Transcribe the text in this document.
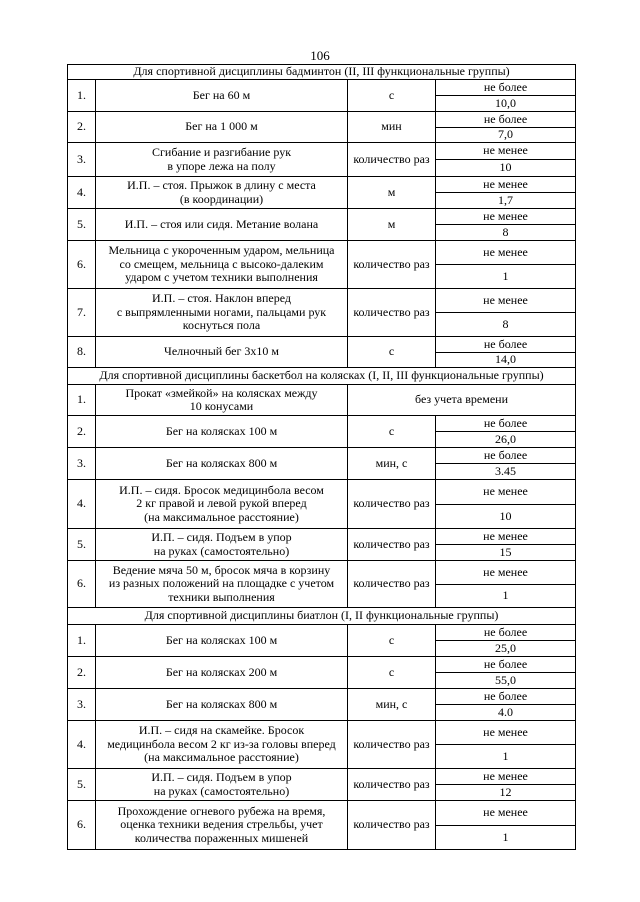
106
Для спортивной дисциплины бадминтон (II, III функциональные группы)			
1.	Бег на 60 м	с	не более
			10,0
2.	Бег на 1 000 м	мин	не более
			7,0
3.	Сгибание и разгибание рук
в упоре лежа на полу	количество раз	не менее
			10
4.	И.П. – стоя. Прыжок в длину с места
(в координации)	м	не менее
			1,7
5.	И.П. – стоя или сидя. Метание волана	м	не менее
			8
6.	Мельница с укороченным ударом, мельница
со смещем, мельница с высоко-далеким
ударом с учетом техники выполнения	количество раз	не менее
			1
7.	И.П. – стоя. Наклон вперед
с выпрямленными ногами, пальцами рук
коснуться пола	количество раз	не менее
			8
8.	Челночный бег 3x10 м	с	не более
			14,0
Для спортивной дисциплины баскетбол на колясках (I, II, III функциональные группы)			
1.	Прокат «змейкой» на колясках между
10 конусами	без учета времени	
2.	Бег на колясках 100 м	с	не более
			26,0
3.	Бег на колясках 800 м	мин, с	не более
			3.45
4.	И.П. – сидя. Бросок медицинбола весом
2 кг правой и левой рукой вперед
(на максимальное расстояние)	количество раз	не менее
			10
5.	И.П. – сидя. Подъем в упор
на руках (самостоятельно)	количество раз	не менее
			15
6.	Ведение мяча 50 м, бросок мяча в корзину
из разных положений на площадке с учетом
техники выполнения	количество раз	не менее
			1
Для спортивной дисциплины биатлон (I, II функциональные группы)			
1.	Бег на колясках 100 м	с	не более
			25,0
2.	Бег на колясках 200 м	с	не более
			55,0
3.	Бег на колясках 800 м	мин, с	не более
			4.0
4.	И.П. – сидя на скамейке. Бросок
медицинбола весом 2 кг из-за головы вперед
(на максимальное расстояние)	количество раз	не менее
			1
5.	И.П. – сидя. Подъем в упор
на руках (самостоятельно)	количество раз	не менее
			12
6.	Прохождение огневого рубежа на время,
оценка техники ведения стрельбы, учет
количества пораженных мишеней	количество раз	не менее
			1
